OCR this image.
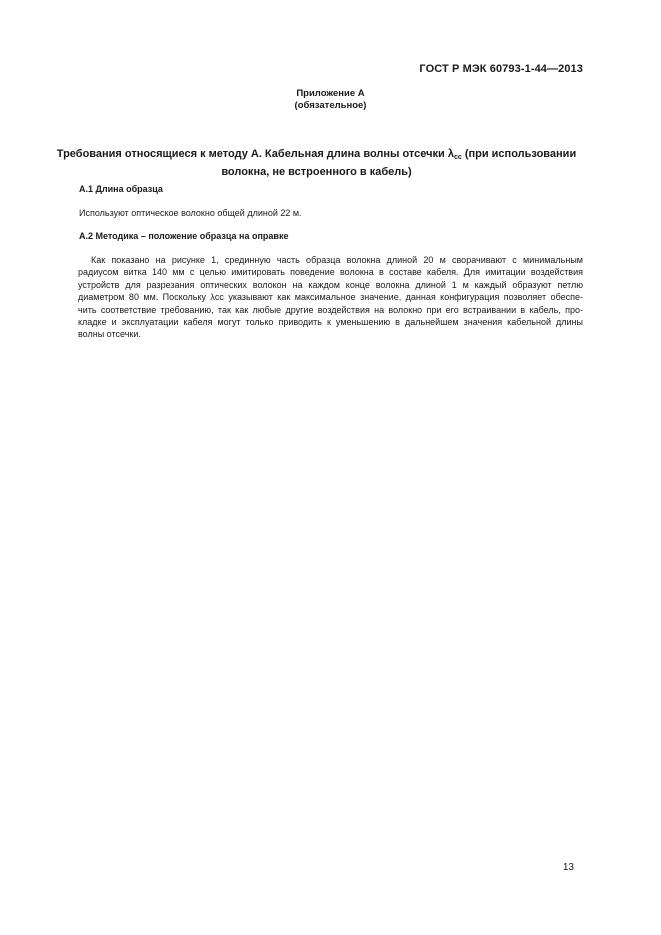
ГОСТ Р МЭК 60793-1-44—2013
Приложение А
(обязательное)
Требования относящиеся к методу А. Кабельная длина волны отсечки $\lambda_{cc}$ (при использовании волокна, не встроенного в кабель)
А.1 Длина образца
Используют оптическое волокно общей длиной 22 м.
А.2 Методика – положение образца на оправке
Как показано на рисунке 1, срединную часть образца волокна длиной 20 м сворачивают с минимальным
радиусом витка 140 мм с целью имитировать поведение волокна в составе кабеля. Для имитации воздействия
устройств для разрезания оптических волокон на каждом конце волокна длиной 1 м каждый образуют петлю
диаметром 80 мм. Поскольку λcc указывают как максимальное значение, данная конфигурация позволяет обеспе-
чить соответствие требованию, так как любые другие воздействия на волокно при его встраивании в кабель, про-
кладке и эксплуатации кабеля могут только приводить к уменьшению в дальнейшем значения кабельной длины
волны отсечки.
13
